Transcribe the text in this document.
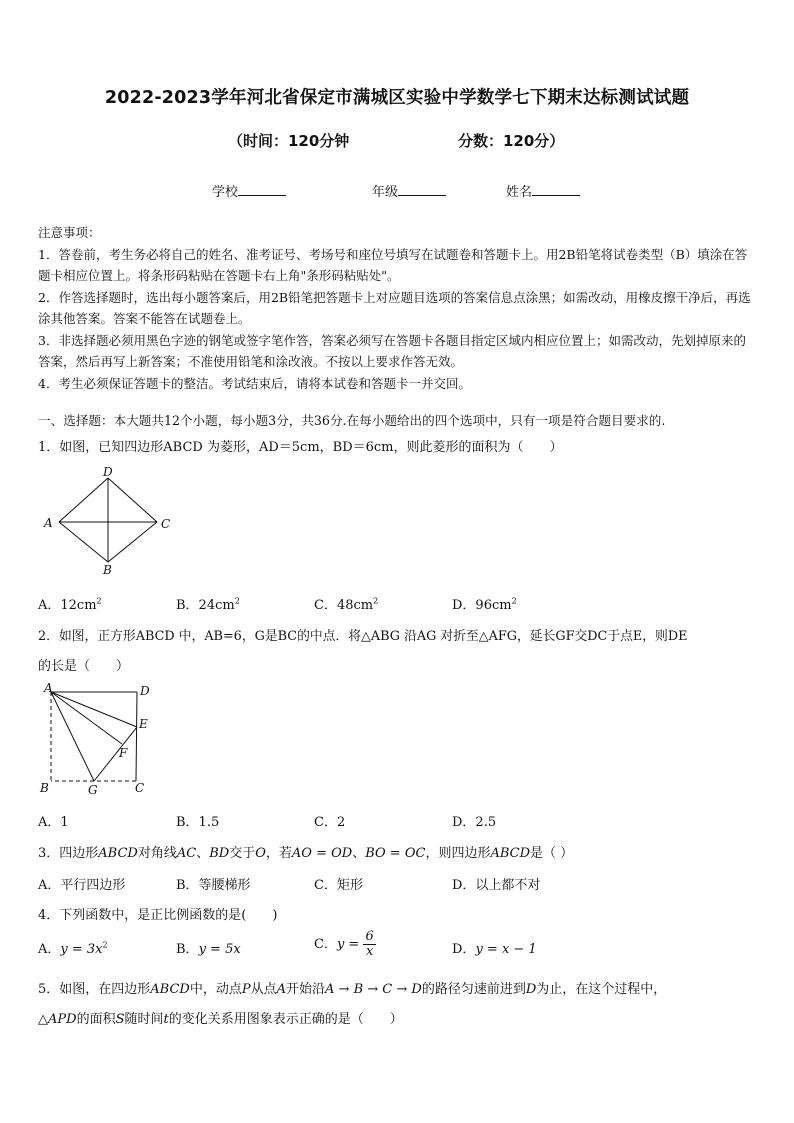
2022-2023学年河北省保定市满城区实验中学数学七下期末达标测试试题
（时间：120分钟	分数：120分）
学校	年级	姓名

注意事项：

1．答卷前，考生务必将自己的姓名、准考证号、考场号和座位号填写在试题卷和答题卡上。用2B铅笔将试卷类型（B）填涂在答题卡相应位置上。将条形码粘贴在答题卡右上角"条形码粘贴处"。

2．作答选择题时，选出每小题答案后，用2B铅笔把答题卡上对应题目选项的答案信息点涂黑；如需改动，用橡皮擦干净后，再选涂其他答案。答案不能答在试题卷上。

3．非选择题必须用黑色字迹的钢笔或签字笔作答，答案必须写在答题卡各题目指定区域内相应位置上；如需改动，先划掉原来的答案，然后再写上新答案；不准使用铅笔和涂改液。不按以上要求作答无效。

4．考生必须保证答题卡的整洁。考试结束后，请将本试卷和答题卡一并交回。

一、选择题：本大题共12个小题，每小题3分，共36分.在每小题给出的四个选项中，只有一项是符合题目要求的.
1．如图，已知四边形ABCD 为菱形，AD＝5cm，BD＝6cm，则此菱形的面积为（　　）
A
D
C
B
A．$12cm^2$	B．$24cm^2$	C．$48cm^2$	D．$96cm^2$
2．如图，正方形ABCD 中，AB=6，G是BC的中点．将△ABG 沿AG 对折至△AFG，延长GF交DC于点E，则DE
的长是（　　）
A	D
E
F
B	G	C
A．1	B．1.5	C．2	D．2.5
3．四边形ABCD对角线AC、BD交于O，若AO = OD、BO = OC，则四边形ABCD是（ ）
A．平行四边形	B．等腰梯形	C．矩形	D．以上都不对
4．下列函数中，是正比例函数的是(　　)
A．$y = 3x^2$	B．y = 5x	C．$y = \frac{6}{x}$	D．y = x − 1
5．如图，在四边形ABCD中，动点P从点A开始沿A → B → C → D的路径匀速前进到D为止，在这个过程中，
△APD的面积S随时间t的变化关系用图象表示正确的是（　　）
